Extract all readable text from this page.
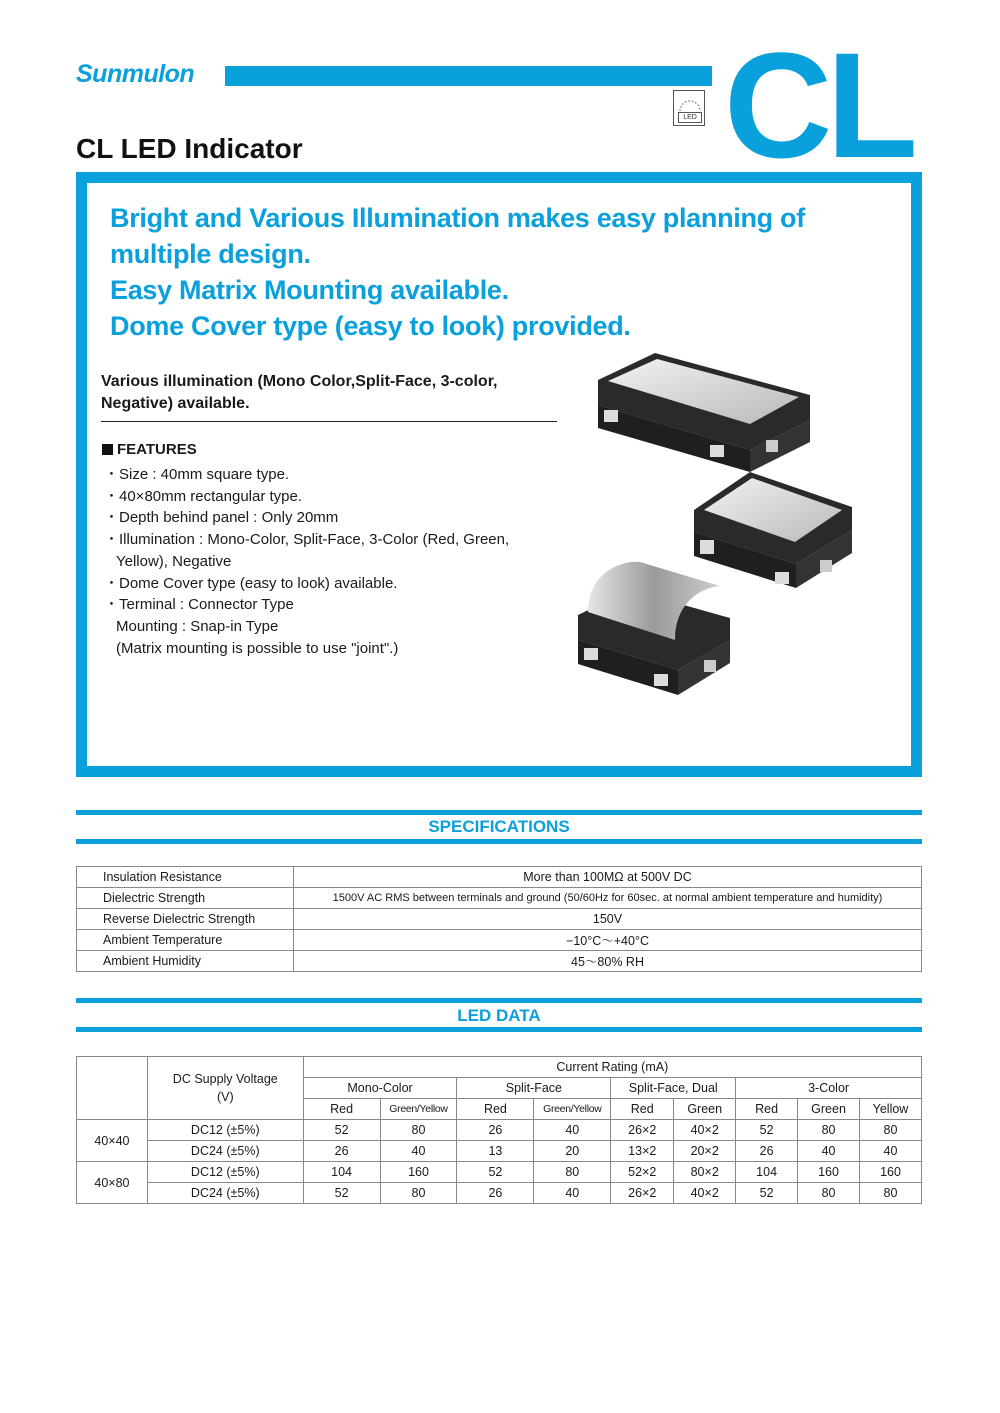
Sunmulon
LED CL
CL LED Indicator
Bright and Various Illumination makes easy planning of
multiple design.
Easy Matrix Mounting available.
Dome Cover type (easy to look) provided.
Various illumination (Mono Color,Split-Face, 3-color,
Negative) available.
FEATURES
・Size : 40mm square type.
・40×80mm rectangular type.
・Depth behind panel : Only 20mm
・Illumination : Mono-Color, Split-Face, 3-Color (Red, Green,
Yellow), Negative
・Dome Cover type (easy to look) available.
・Terminal : Connector Type
Mounting : Snap-in Type
(Matrix mounting is possible to use "joint".)
SPECIFICATIONS
Insulation Resistance	More than 100MΩ at 500V DC
Dielectric Strength	1500V AC RMS between terminals and ground (50/60Hz for 60sec. at normal ambient temperature and humidity)
Reverse Dielectric Strength	150V
Ambient Temperature	−10°C～+40°C
Ambient Humidity	45～80% RH
LED DATA

	DC Supply Voltage
(V)	Current Rating (mA)								
		Mono-Color		Split-Face		Split-Face, Dual		3-Color		
		Red	Green/Yellow	Red	Green/Yellow	Red	Green	Red	Green	Yellow
40×40	DC12 (±5%)	52	80	26	40	26×2	40×2	52	80	80
	DC24 (±5%)	26	40	13	20	13×2	20×2	26	40	40
40×80	DC12 (±5%)	104	160	52	80	52×2	80×2	104	160	160
	DC24 (±5%)	52	80	26	40	26×2	40×2	52	80	80
